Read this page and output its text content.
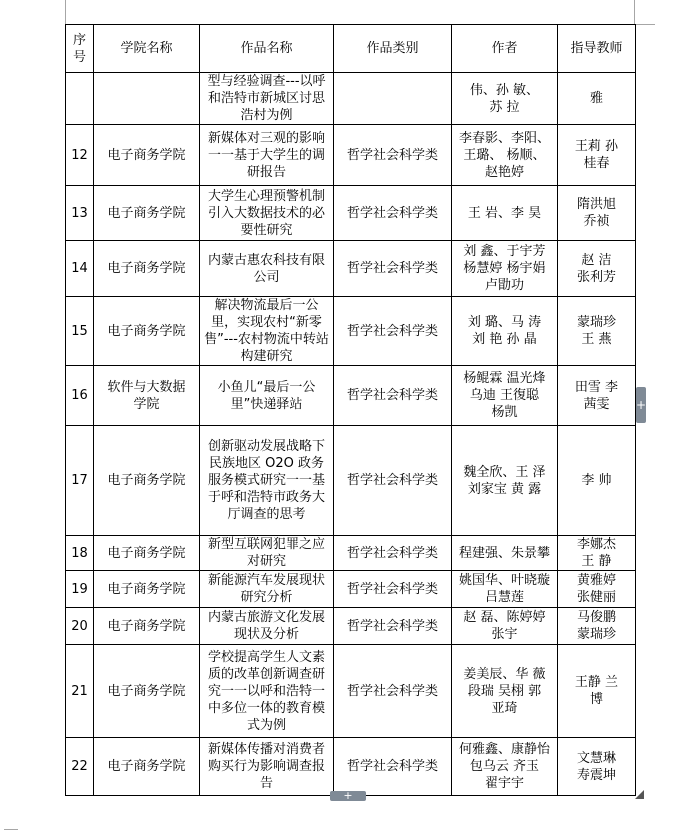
序
号	学院名称	作品名称	作品类别	作者	指导教师
		型与经验调查---以呼和浩特市新城区讨思浩村为例		伟、孙 敏、
苏 拉	雅
12	电子商务学院	新媒体对三观的影响一一基于大学生的调研报告	哲学社会科学类	李春影、李阳、
王璐、 杨顺、
赵艳婷	王莉 孙
桂春
13	电子商务学院	大学生心理预警机制引入大数据技术的必要性研究	哲学社会科学类	王 岩、李 昊	隋洪旭
乔祯
14	电子商务学院	内蒙古惠农科技有限公司	哲学社会科学类	刘 鑫、于宇芳
杨慧婷 杨宇娟
卢勖功	赵 洁
张利芳
15	电子商务学院	解决物流最后一公里，实现农村“新零售”---农村物流中转站构建研究	哲学社会科学类	刘 璐、马 涛
刘 艳 孙 晶	蒙瑞珍
王 燕
16	软件与大数据
学院	小鱼儿“最后一公里”快递驿站	哲学社会科学类	杨鲲霖 温光烽
乌迪 王復聪
杨凯	田雪 李
茜雯
17	电子商务学院	创新驱动发展战略下民族地区 O2O 政务服务模式研究一一基于呼和浩特市政务大厅调查的思考	哲学社会科学类	魏全欣、王 泽
刘家宝 黄 露	李 帅
18	电子商务学院	新型互联网犯罪之应对研究	哲学社会科学类	程建强、朱景攀	李娜杰
王 静
19	电子商务学院	新能源汽车发展现状研究分析	哲学社会科学类	姚国华、叶晓璇
吕慧莲	黄雅婷
张健丽
20	电子商务学院	内蒙古旅游文化发展现状及分析	哲学社会科学类	赵 磊、陈婷婷
张宇	马俊鹏
蒙瑞珍
21	电子商务学院	学校提高学生人文素质的改革创新调查研究一一以呼和浩特一中多位一体的教育模式为例	哲学社会科学类	姜美辰、华 薇
段瑞 吴栩 郭
亚琦	王静 兰
博
22	电子商务学院	新媒体传播对消费者购买行为影响调查报告	哲学社会科学类	何雅鑫、康静怡
包乌云 齐玉
翟宇宇	文慧琳
寿震坤
+
+
